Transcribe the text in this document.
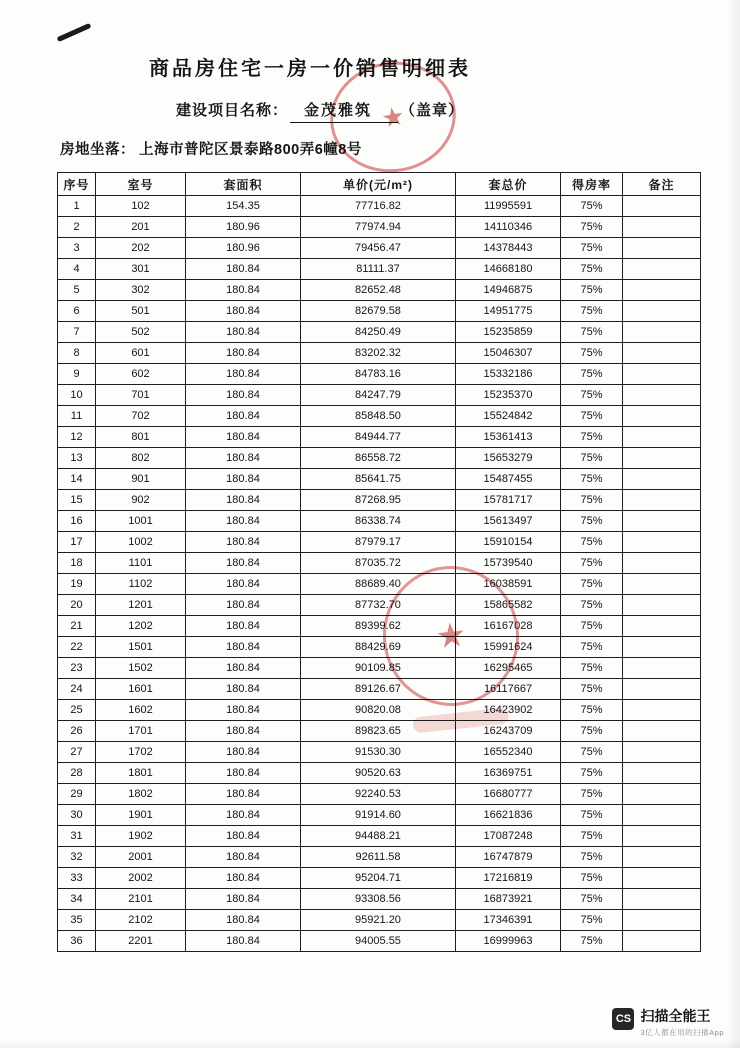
商品房住宅一房一价销售明细表
建设项目名称： 金茂雅筑 （盖章）
房地坐落： 上海市普陀区景泰路800弄6幢8号
序号	室号	套面积	单价(元/m²)	套总价	得房率	备注
1	102	154.35	77716.82	11995591	75%	
2	201	180.96	77974.94	14110346	75%	
3	202	180.96	79456.47	14378443	75%	
4	301	180.84	81111.37	14668180	75%	
5	302	180.84	82652.48	14946875	75%	
6	501	180.84	82679.58	14951775	75%	
7	502	180.84	84250.49	15235859	75%	
8	601	180.84	83202.32	15046307	75%	
9	602	180.84	84783.16	15332186	75%	
10	701	180.84	84247.79	15235370	75%	
11	702	180.84	85848.50	15524842	75%	
12	801	180.84	84944.77	15361413	75%	
13	802	180.84	86558.72	15653279	75%	
14	901	180.84	85641.75	15487455	75%	
15	902	180.84	87268.95	15781717	75%	
16	1001	180.84	86338.74	15613497	75%	
17	1002	180.84	87979.17	15910154	75%	
18	1101	180.84	87035.72	15739540	75%	
19	1102	180.84	88689.40	16038591	75%	
20	1201	180.84	87732.70	15865582	75%	
21	1202	180.84	89399.62	16167028	75%	
22	1501	180.84	88429.69	15991624	75%	
23	1502	180.84	90109.85	16295465	75%	
24	1601	180.84	89126.67	16117667	75%	
25	1602	180.84	90820.08	16423902	75%	
26	1701	180.84	89823.65	16243709	75%	
27	1702	180.84	91530.30	16552340	75%	
28	1801	180.84	90520.63	16369751	75%	
29	1802	180.84	92240.53	16680777	75%	
30	1901	180.84	91914.60	16621836	75%	
31	1902	180.84	94488.21	17087248	75%	
32	2001	180.84	92611.58	16747879	75%	
33	2002	180.84	95204.71	17216819	75%	
34	2101	180.84	93308.56	16873921	75%	
35	2102	180.84	95921.20	17346391	75%	
36	2201	180.84	94005.55	16999963	75%	
★
★
CS 扫描全能王
3亿人都在用的扫描App
